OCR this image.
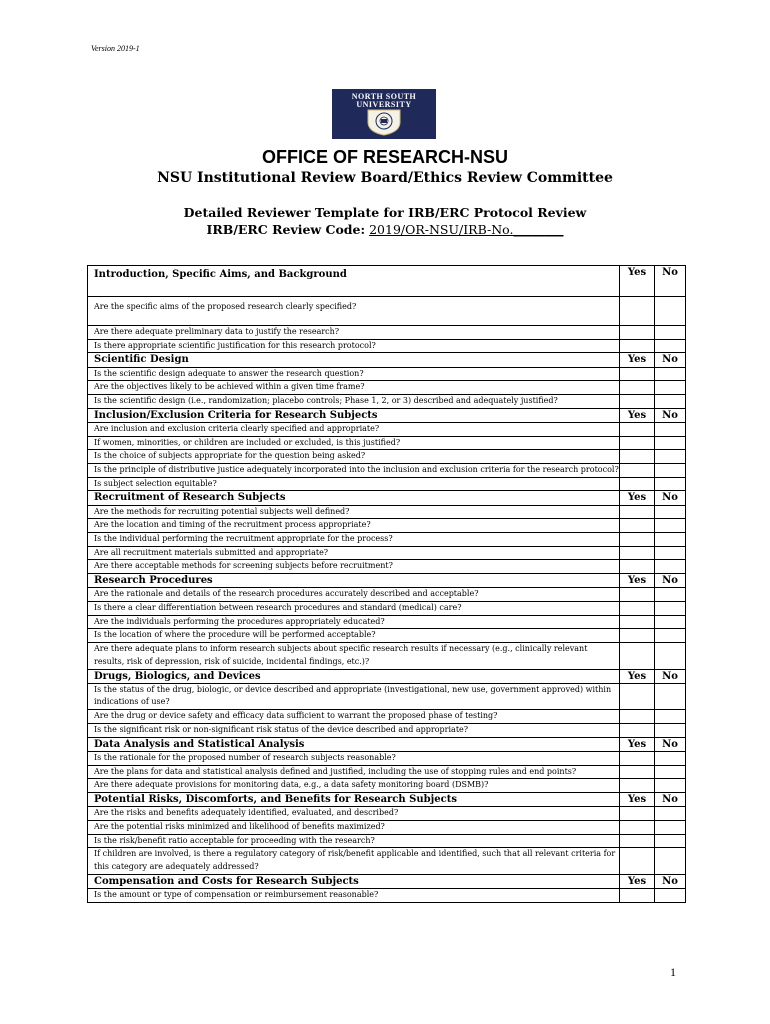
Version 2019-1
NORTH SOUTH
UNIVERSITY
OFFICE OF RESEARCH-NSU
NSU Institutional Review Board/Ethics Review Committee
Detailed Reviewer Template for IRB/ERC Protocol Review
IRB/ERC Review Code: 2019/OR-NSU/IRB-No.________
Introduction, Specific Aims, and Background	Yes	No
Are the specific aims of the proposed research clearly specified?		
Are there adequate preliminary data to justify the research?		
Is there appropriate scientific justification for this research protocol?		
Scientific Design	Yes	No
Is the scientific design adequate to answer the research question?		
Are the objectives likely to be achieved within a given time frame?		
Is the scientific design (i.e., randomization; placebo controls; Phase 1, 2, or 3) described and adequately justified?		
Inclusion/Exclusion Criteria for Research Subjects	Yes	No
Are inclusion and exclusion criteria clearly specified and appropriate?		
If women, minorities, or children are included or excluded, is this justified?		
Is the choice of subjects appropriate for the question being asked?		
Is the principle of distributive justice adequately incorporated into the inclusion and exclusion criteria for the research protocol?		
Is subject selection equitable?		
Recruitment of Research Subjects	Yes	No
Are the methods for recruiting potential subjects well defined?		
Are the location and timing of the recruitment process appropriate?		
Is the individual performing the recruitment appropriate for the process?		
Are all recruitment materials submitted and appropriate?		
Are there acceptable methods for screening subjects before recruitment?		
Research Procedures	Yes	No
Are the rationale and details of the research procedures accurately described and acceptable?		
Is there a clear differentiation between research procedures and standard (medical) care?		
Are the individuals performing the procedures appropriately educated?		
Is the location of where the procedure will be performed acceptable?		
Are there adequate plans to inform research subjects about specific research results if necessary (e.g., clinically relevant results, risk of depression, risk of suicide, incidental findings, etc.)?		
Drugs, Biologics, and Devices	Yes	No
Is the status of the drug, biologic, or device described and appropriate (investigational, new use, government approved) within indications of use?		
Are the drug or device safety and efficacy data sufficient to warrant the proposed phase of testing?		
Is the significant risk or non-significant risk status of the device described and appropriate?		
Data Analysis and Statistical Analysis	Yes	No
Is the rationale for the proposed number of research subjects reasonable?		
Are the plans for data and statistical analysis defined and justified, including the use of stopping rules and end points?		
Are there adequate provisions for monitoring data, e.g., a data safety monitoring board (DSMB)?		
Potential Risks, Discomforts, and Benefits for Research Subjects	Yes	No
Are the risks and benefits adequately identified, evaluated, and described?		
Are the potential risks minimized and likelihood of benefits maximized?		
Is the risk/benefit ratio acceptable for proceeding with the research?		
If children are involved, is there a regulatory category of risk/benefit applicable and identified, such that all relevant criteria for this category are adequately addressed?		
Compensation and Costs for Research Subjects	Yes	No
Is the amount or type of compensation or reimbursement reasonable?		
1
